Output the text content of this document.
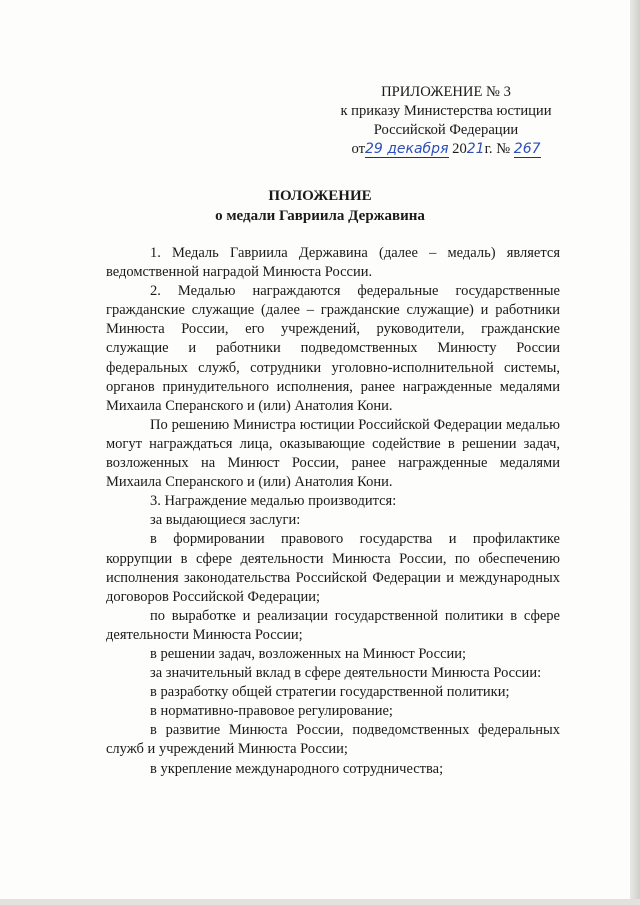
ПРИЛОЖЕНИЕ № 3
к приказу Министерства юстиции
Российской Федерации
от29 декабря 2021г. № 267
ПОЛОЖЕНИЕ
о медали Гавриила Державина

1. Медаль Гавриила Державина (далее – медаль) является ведомственной наградой Минюста России.

2. Медалью награждаются федеральные государственные гражданские служащие (далее – гражданские служащие) и работники Минюста России, его учреждений, руководители, гражданские служащие и работники подведомственных Минюсту России федеральных служб, сотрудники уголовно-исполнительной системы, органов принудительного исполнения, ранее награжденные медалями Михаила Сперанского и (или) Анатолия Кони.

По решению Министра юстиции Российской Федерации медалью могут награждаться лица, оказывающие содействие в решении задач, возложенных на Минюст России, ранее награжденные медалями Михаила Сперанского и (или) Анатолия Кони.

3. Награждение медалью производится:

за выдающиеся заслуги:

в формировании правового государства и профилактике коррупции в сфере деятельности Минюста России, по обеспечению исполнения законодательства Российской Федерации и международных договоров Российской Федерации;

по выработке и реализации государственной политики в сфере деятельности Минюста России;

в решении задач, возложенных на Минюст России;

за значительный вклад в сфере деятельности Минюста России:

в разработку общей стратегии государственной политики;

в нормативно-правовое регулирование;

в развитие Минюста России, подведомственных федеральных служб и учреждений Минюста России;

в укрепление международного сотрудничества;
